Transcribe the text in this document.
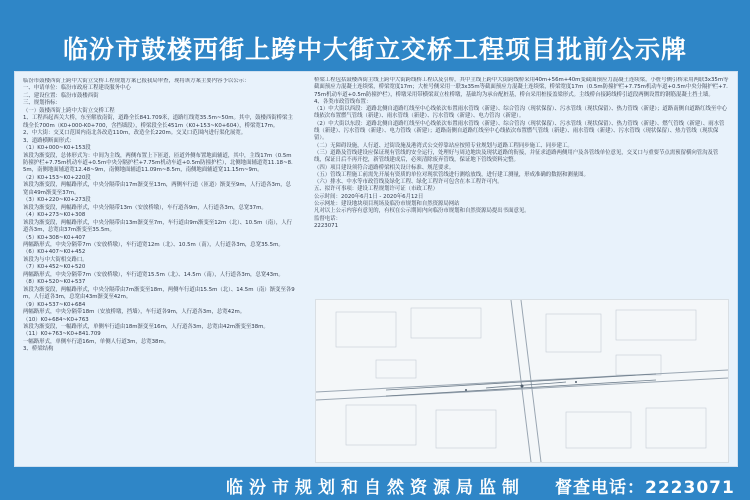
临汾市鼓楼西街上跨中大街立交桥工程项目批前公示牌

临汾市鼓楼西街上跨中大街立交桥工程规划方案已报我局审查，现将该方案主要内容予以公示：

一、申请单位：临汾市政府工程建设服务中心

二、建设位置：临汾市鼓楼西街

三、规划指标：

（一）鼓楼西街上跨中大街立交桥工程

1、工程西起西关大桥，东至解放南街，道路全长841.709米，道路红线宽35.5m~50m。其中，鼓楼西街桥梁主线全长700m（K0+000-K0+700，含挡墙段），桥梁段全长451m（K0+153~K0+604），桥梁宽17m。

2、中大街：交叉口范围内南北各改造110m，改造全长220m。交叉口范围内进行渠化展宽。

3、道路横断面形式：

（1）K0+000~K0+153段

该段为渐变段，总体形式为：中间为主线，两侧布置上下匝道，匝道外侧布置地面辅道，其中，主线17m（0.5m防撞护栏+7.75m机动车道+0.5m中央分隔护栏+7.75m机动车道+0.5m防撞护栏），北侧地面辅道宽11.18~8.5m，南侧地面辅道宽12.48~9m，南侧地面辅道11.09m~8.5m，南侧地面辅道宽11.15m~9m。

（2）K0+153~K0+220段

该段为渐变段，两幅路形式，中央分隔带由17m渐变至13m，两侧车行道（匝道）渐变至9m，人行道各3m，总宽由49m渐变至37m。

（3）K0+220~K0+273段

该段为渐变段，两幅路形式，中央分隔带13m（安放桥墩），车行道各9m，人行道各3m，总宽37m。

（4）K0+273~K0+308

该段为渐变段，两幅路形式，中央分隔带由13m渐变至7m，车行道由9m渐变至12m（北）、10.5m（南），人行道各3m，总宽由37m渐变至35.5m。

（5）K0+308~K0+407

两幅路形式，中央分隔带7m（安放桥墩），车行道宽12m（北）、10.5m（南），人行道各3m，总宽35.5m。

（6）K0+407~K0+452

该段为与中大街相交路口。

（7）K0+452~K0+520

两幅路形式，中央分隔带7m（安放桥墩），车行道宽15.5m（北）、14.5m（南），人行道各3m，总宽43m。

（8）K0+520~K0+537

该段为渐变段，两幅路形式，中央分隔带由7m渐变至18m，两侧车行道由15.5m（北）、14.5m（南）渐变至各9m，人行道各3m，总宽由43m渐变至42m。

（9）K0+537~K0+684

两幅路形式，中央分隔带18m（安放桥墩，挡墙），车行道各9m，人行道各3m，总宽42m。

（10）K0+684~K0+763

该段为渐变段，一幅路形式，单侧车行道由18m渐变至16m，人行道各3m，总宽由42m渐变至38m。

（11）K0+763~K0+841.709

一幅路形式，单侧车行道16m，单侧人行道3m，总宽38m。

3、桥梁结构

桥梁工程包括鼓楼西街主线上跨中大街跨线桥工程以及引桥，其中主线上跨中大街跨线桥采用40m+56m+40m变截面预应力混凝土连续梁，小桩号侧引桥采用两联3x35m等截面预应力混凝土连续梁，桥梁宽度17m；大桩号侧采用一联3x35m等截面预应力混凝土连续梁，桥梁宽度17m（0.5m防撞护栏+7.75m机动车道+0.5m中央分隔护栏+7.75m机动车道+0.5m防撞护栏），桥墩采用带横梁双立柱桥墩，基础均为承台配桩基，桥台采用桩接盖梁形式。主线桥台接跨线桥引道段两侧设置的钢筋混凝土挡土墙。

4、各类市政管线布置：

（1）中大街以西段：道路北侧自道路红线至中心线依次布置雨水管线（新建）、综合管沟（现状保留）、污水管线（现状保留）、热力管线（新建）；道路南侧自道路红线至中心线依次布置燃气管线（新建）、雨水管线（新建）、污水管线（新建）、电力管沟（新建）。

（2）中大街以东段：道路北侧自道路红线至中心线依次布置雨水管线（新建）、综合管沟（现状保留）、污水管线（现状保留）、热力管线（新建）、燃气管线（新建）、雨水管线（新建）、污水管线（新建）、电力管线（新建）；道路南侧自道路红线至中心线依次布置燃气管线（新建）、雨水管线（新建）、污水管线（现状保留）、热力管线（现状保留）。

（二）无障碍设施，人行道、过街设施及港湾式公交停靠站应按照专业规划与道路工程同步施工、同步建工。

（三）道路及管线建设应保证现有管线的安全运行，处理好与周边地块及现状道路的衔接，并征求道路两侧用户及各管线单位意见，交叉口与重要节点需预留横向管沟及管线，保证日后不再开挖，新管线建成后，必须清除废弃管线，保证地下管线资料完整。

（四）项目建设须符合道路桥梁相关设计标准、规范要求。

（五）管线工程施工前需先开展有资质的单位对现状管线进行测绘放线，进行建工测量，形成准确的数据和测量图。

（六）排水、中水等市政管线及绿化工程、绿化工程许可包含在本工程许可内。

五、拟许可事项：建设工程规划许可证（市政工程）

公示时间：2020年6月1日 - 2020年6月12日

公示网址：建设地块项目现场及临汾市规划和自然资源局网站

凡对以上公示内容有意见的，有权在公示期间内向临汾市规划和自然资源局提出书面意见。

监督电话：

2223071

临汾市规划和自然资源局监制 督查电话：2223071
